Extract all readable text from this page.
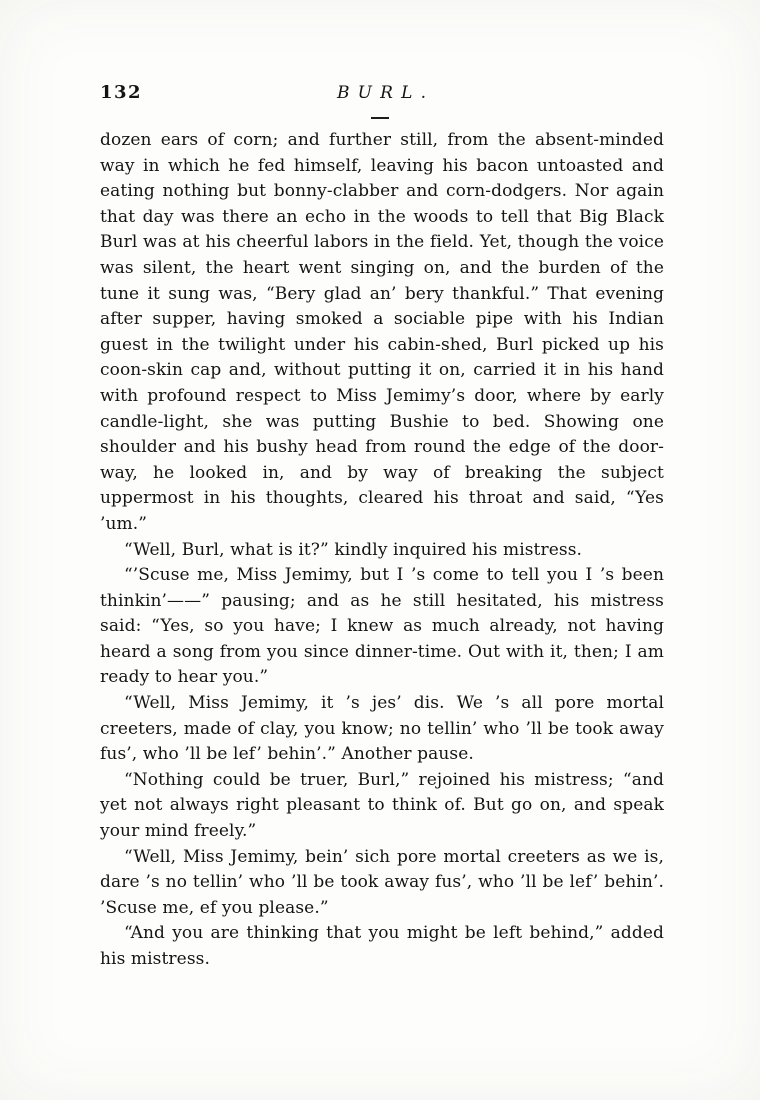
132	BURL.

dozen ears of corn; and further still, from the absent-minded way in which he fed himself, leaving his bacon untoasted and eating nothing but bonny-clabber and corn-dodgers. Nor again that day was there an echo in the woods to tell that Big Black Burl was at his cheerful labors in the field. Yet, though the voice was silent, the heart went singing on, and the burden of the tune it sung was, “Bery glad an’ bery thankful.” That evening after supper, having smoked a sociable pipe with his Indian guest in the twilight under his cabin-shed, Burl picked up his coon-skin cap and, without putting it on, carried it in his hand with profound respect to Miss Jemimy’s door, where by early candle-light, she was putting Bushie to bed. Showing one shoulder and his bushy head from round the edge of the door-way, he looked in, and by way of breaking the subject uppermost in his thoughts, cleared his throat and said, “Yes ’um.”

“Well, Burl, what is it?” kindly inquired his mistress.

“’Scuse me, Miss Jemimy, but I ’s come to tell you I ’s been thinkin’——” pausing; and as he still hesitated, his mistress said: “Yes, so you have; I knew as much already, not having heard a song from you since dinner-time. Out with it, then; I am ready to hear you.”

“Well, Miss Jemimy, it ’s jes’ dis. We ’s all pore mortal creeters, made of clay, you know; no tellin’ who ’ll be took away fus’, who ’ll be lef’ behin’.” Another pause.

“Nothing could be truer, Burl,” rejoined his mistress; “and yet not always right pleasant to think of. But go on, and speak your mind freely.”

“Well, Miss Jemimy, bein’ sich pore mortal creeters as we is, dare ’s no tellin’ who ’ll be took away fus’, who ’ll be lef’ behin’. ’Scuse me, ef you please.”

“And you are thinking that you might be left behind,” added his mistress.
